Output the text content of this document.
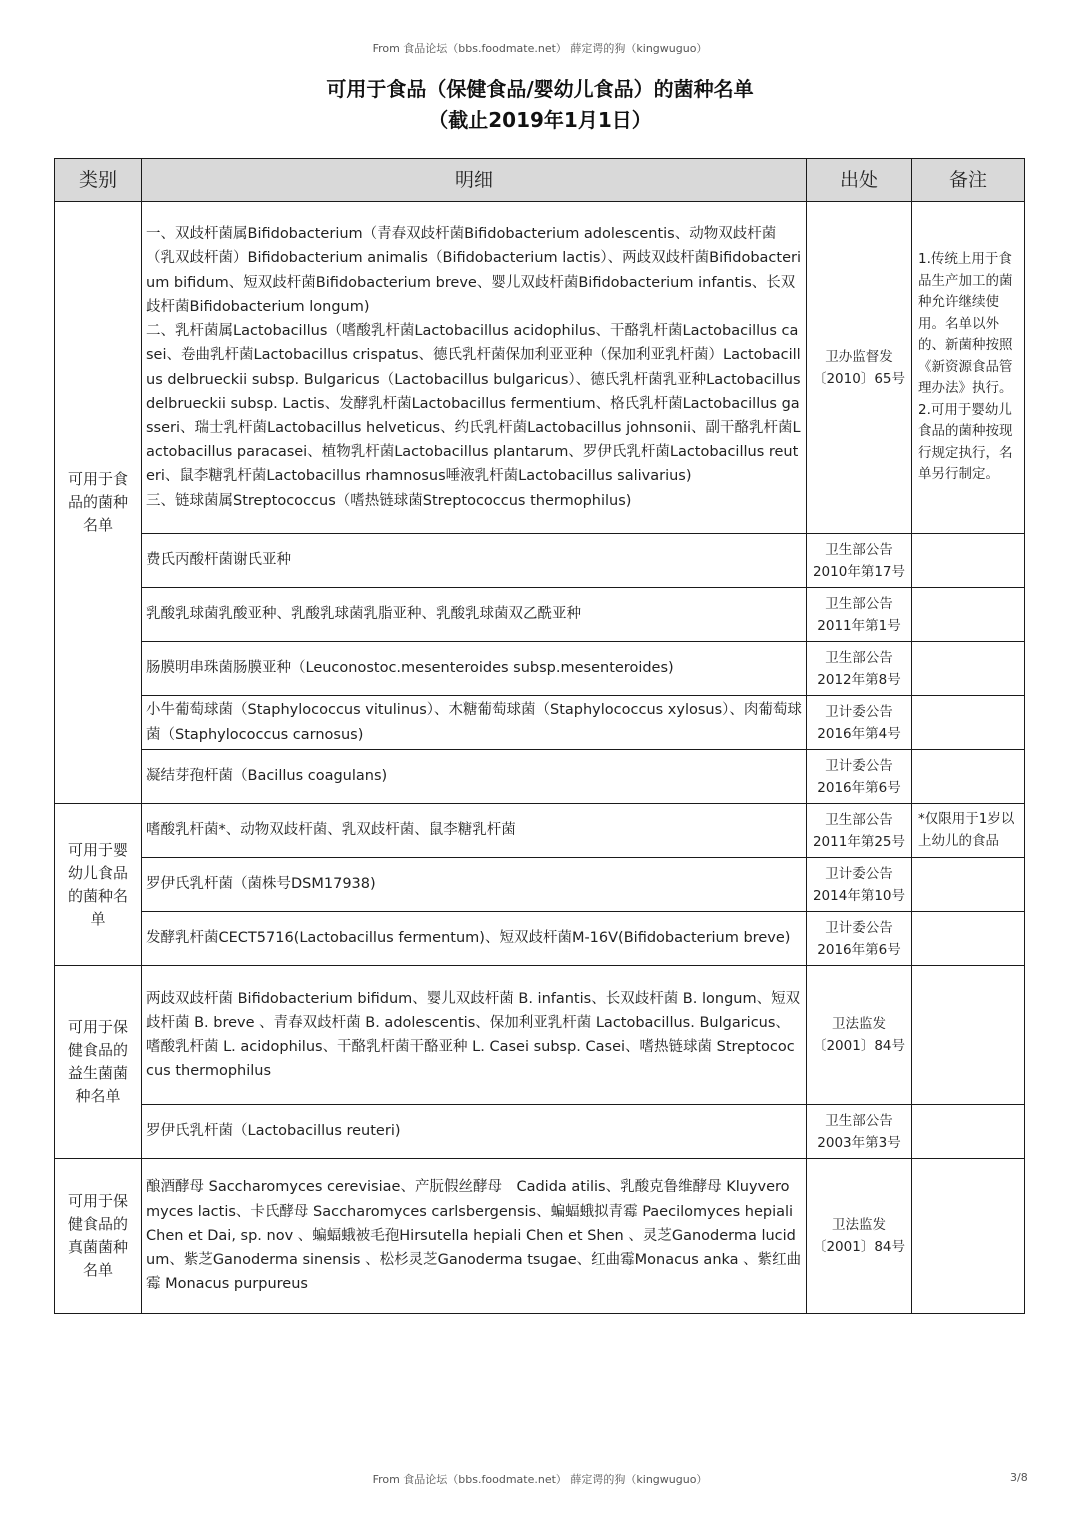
From 食品论坛（bbs.foodmate.net） 薛定谔的狗（kingwuguo）
可用于食品（保健食品/婴幼儿食品）的菌种名单
（截止2019年1月1日）
类别	明细	出处	备注
可用于食品的菌种名单	一、双歧杆菌属Bifidobacterium（青春双歧杆菌Bifidobacterium adolescentis、动物双歧杆菌（乳双歧杆菌）Bifidobacterium animalis（Bifidobacterium lactis）、两歧双歧杆菌Bifidobacterium bifidum、短双歧杆菌Bifidobacterium breve、婴儿双歧杆菌Bifidobacterium infantis、长双歧杆菌Bifidobacterium longum)
二、乳杆菌属Lactobacillus（嗜酸乳杆菌Lactobacillus acidophilus、干酪乳杆菌Lactobacillus casei、卷曲乳杆菌Lactobacillus crispatus、德氏乳杆菌保加利亚亚种（保加利亚乳杆菌）Lactobacillus delbrueckii subsp. Bulgaricus（Lactobacillus bulgaricus）、德氏乳杆菌乳亚种Lactobacillus delbrueckii subsp. Lactis、发酵乳杆菌Lactobacillus fermentium、格氏乳杆菌Lactobacillus gasseri、瑞士乳杆菌Lactobacillus helveticus、约氏乳杆菌Lactobacillus johnsonii、副干酪乳杆菌Lactobacillus paracasei、植物乳杆菌Lactobacillus plantarum、罗伊氏乳杆菌Lactobacillus reuteri、鼠李糖乳杆菌Lactobacillus rhamnosus唾液乳杆菌Lactobacillus salivarius)
三、链球菌属Streptococcus（嗜热链球菌Streptococcus thermophilus)	卫办监督发〔2010〕65号	1.传统上用于食品生产加工的菌种允许继续使用。名单以外的、新菌种按照《新资源食品管理办法》执行。2.可用于婴幼儿食品的菌种按现行规定执行，名单另行制定。
	费氏丙酸杆菌谢氏亚种	卫生部公告2010年第17号	
	乳酸乳球菌乳酸亚种、乳酸乳球菌乳脂亚种、乳酸乳球菌双乙酰亚种	卫生部公告2011年第1号	
	肠膜明串珠菌肠膜亚种（Leuconostoc.mesenteroides subsp.mesenteroides)	卫生部公告2012年第8号	
	小牛葡萄球菌（Staphylococcus vitulinus）、木糖葡萄球菌（Staphylococcus xylosus）、肉葡萄球菌（Staphylococcus carnosus)	卫计委公告2016年第4号	
	凝结芽孢杆菌（Bacillus coagulans)	卫计委公告2016年第6号	
可用于婴幼儿食品的菌种名单	嗜酸乳杆菌*、动物双歧杆菌、乳双歧杆菌、鼠李糖乳杆菌	卫生部公告2011年第25号	*仅限用于1岁以上幼儿的食品
	罗伊氏乳杆菌（菌株号DSM17938)	卫计委公告2014年第10号	
	发酵乳杆菌CECT5716(Lactobacillus fermentum)、短双歧杆菌M-16V(Bifidobacterium breve)	卫计委公告2016年第6号	
可用于保健食品的益生菌菌种名单	两歧双歧杆菌 Bifidobacterium bifidum、婴儿双歧杆菌 B. infantis、长双歧杆菌 B. longum、短双歧杆菌 B. breve 、青春双歧杆菌 B. adolescentis、保加利亚乳杆菌 Lactobacillus. Bulgaricus、嗜酸乳杆菌 L. acidophilus、干酪乳杆菌干酪亚种 L. Casei subsp. Casei、嗜热链球菌 Streptococcus thermophilus	卫法监发〔2001〕84号	
	罗伊氏乳杆菌（Lactobacillus reuteri)	卫生部公告2003年第3号	
可用于保健食品的真菌菌种名单	酿酒酵母 Saccharomyces cerevisiae、产朊假丝酵母　Cadida atilis、乳酸克鲁维酵母 Kluyveromyces lactis、卡氏酵母 Saccharomyces carlsbergensis、蝙蝠蛾拟青霉 Paecilomyces hepiali Chen et Dai, sp. nov 、蝙蝠蛾被毛孢Hirsutella hepiali Chen et Shen 、灵芝Ganoderma lucidum、紫芝Ganoderma sinensis 、松杉灵芝Ganoderma tsugae、红曲霉Monacus anka 、紫红曲霉 Monacus purpureus	卫法监发〔2001〕84号	
From 食品论坛（bbs.foodmate.net） 薛定谔的狗（kingwuguo）	3/8
